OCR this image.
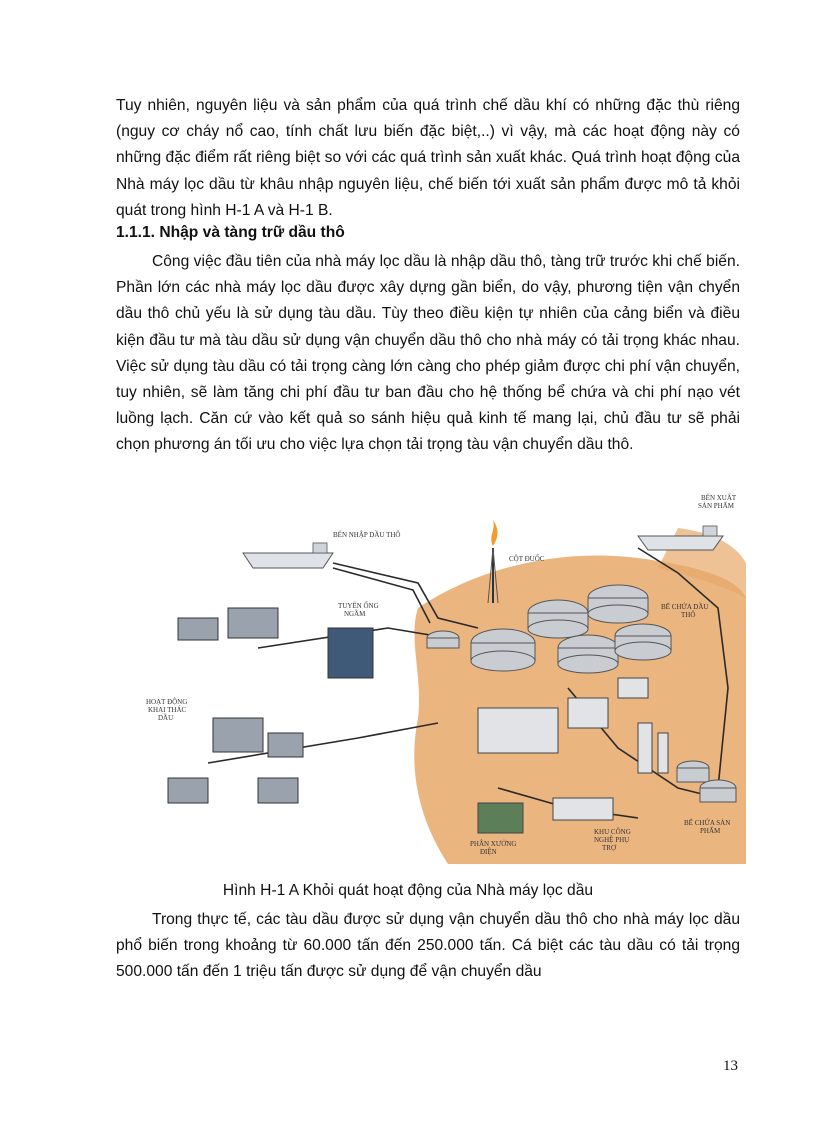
Tuy nhiên, nguyên liệu và sản phẩm của quá trình chế dầu khí có những đặc thù riêng (nguy cơ cháy nổ cao, tính chất lưu biến đặc biệt,..) vì vậy, mà các hoạt động này có những đặc điểm rất riêng biệt so với các quá trình sản xuất khác. Quá trình hoạt động của Nhà máy lọc dầu từ khâu nhập nguyên liệu, chế biến tới xuất sản phẩm được mô tả khỏi quát trong hình H-1 A và H-1 B.

1.1.1. Nhập và tàng trữ dầu thô

Công việc đầu tiên của nhà máy lọc dầu là nhập dầu thô, tàng trữ trước khi chế biến. Phần lớn các nhà máy lọc dầu được xây dựng gần biển, do vậy, phương tiện vận chyển dầu thô chủ yếu là sử dụng tàu dầu. Tùy theo điều kiện tự nhiên của cảng biển và điều kiện đầu tư mà tàu dầu sử dụng vận chuyển dầu thô cho nhà máy có tải trọng khác nhau. Việc sử dụng tàu dầu có tải trọng càng lớn càng cho phép giảm được chi phí vận chuyển, tuy nhiên, sẽ làm tăng chi phí đầu tư ban đầu cho hệ thống bể chứa và chi phí nạo vét luồng lạch. Căn cứ vào kết quả so sánh hiệu quả kinh tế mang lại, chủ đầu tư sẽ phải chọn phương án tối ưu cho việc lựa chọn tải trọng tàu vận chuyển dầu thô.

BẾN XUẤT
SẢN PHẨM
BẾN NHẬP DẦU THÔ
CỘT ĐUỐC
TUYẾN ỐNG
NGẦM
BỂ CHỨA DẦU
THÔ
HOẠT ĐỘNG
KHAI THÁC
DẦU
BỂ CHỨA SẢN
PHẨM
KHU CÔNG
NGHỆ PHỤ
TRỢ
PHÂN XƯỞNG
ĐIỆN

Hình H-1 A Khỏi quát hoạt động của Nhà máy lọc dầu

Trong thực tế, các tàu dầu được sử dụng vận chuyển dầu thô cho nhà máy lọc dầu phổ biến trong khoảng từ 60.000 tấn đến 250.000 tấn. Cá biệt các tàu dầu có tải trọng 500.000 tấn đến 1 triệu tấn được sử dụng để vận chuyển dầu

13
